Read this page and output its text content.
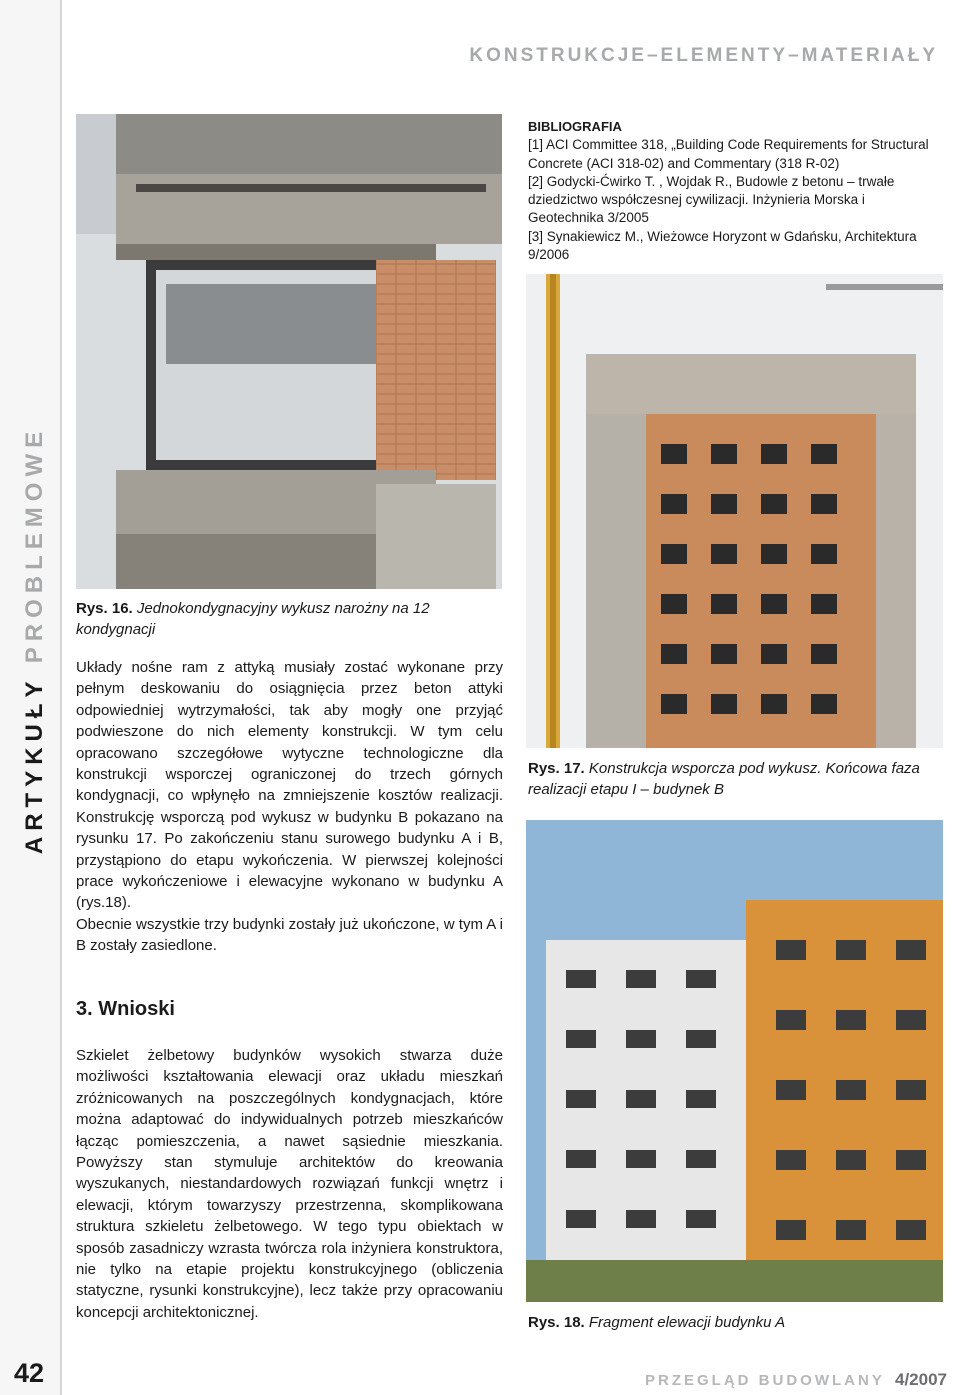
ARTYKUŁY PROBLEMOWE
42
KONSTRUKCJE–ELEMENTY–MATERIAŁY
Rys. 16. Jednokondygnacyjny wykusz narożny na 12 kondygnacji

Układy nośne ram z attyką musiały zostać wykonane przy pełnym deskowaniu do osiągnięcia przez beton attyki odpowiedniej wytrzymałości, tak aby mogły one przyjąć podwieszone do nich elementy konstrukcji. W tym celu opracowano szczegółowe wytyczne technologiczne dla konstrukcji wsporczej ograniczonej do trzech górnych kondygnacji, co wpłynęło na zmniejszenie kosztów realizacji. Konstrukcję wsporczą pod wykusz w budynku B pokazano na rysunku 17. Po zakończeniu stanu surowego budynku A i B, przystąpiono do etapu wykończenia. W pierwszej kolejności prace wykończeniowe i elewacyjne wykonano w budynku A (rys.18).

Obecnie wszystkie trzy budynki zostały już ukończone, w tym A i B zostały zasiedlone.

3. Wnioski

Szkielet żelbetowy budynków wysokich stwarza duże możliwości kształtowania elewacji oraz układu mieszkań zróżnicowanych na poszczególnych kondygnacjach, które można adaptować do indywidualnych potrzeb mieszkańców łącząc pomieszczenia, a nawet sąsiednie mieszkania. Powyższy stan stymuluje architektów do kreowania wyszukanych, niestandardowych rozwiązań funkcji wnętrz i elewacji, którym towarzyszy przestrzenna, skomplikowana struktura szkieletu żelbetowego. W tego typu obiektach w sposób zasadniczy wzrasta twórcza rola inżyniera konstruktora, nie tylko na etapie projektu konstrukcyjnego (obliczenia statyczne, rysunki konstrukcyjne), lecz także przy opracowaniu koncepcji architektonicznej.

BIBLIOGRAFIA

[1] ACI Committee 318, „Building Code Requirements for Structural Concrete (ACI 318-02) and Commentary (318 R-02)

[2] Godycki-Ćwirko T. , Wojdak R., Budowle z betonu – trwałe dziedzictwo współczesnej cywilizacji. Inżynieria Morska i Geotechnika 3/2005

[3] Synakiewicz M., Wieżowce Horyzont w Gdańsku, Architektura 9/2006

Rys. 17. Konstrukcja wsporcza pod wykusz. Końcowa faza realizacji etapu I – budynek B
Rys. 18. Fragment elewacji budynku A
PRZEGLĄD BUDOWLANY 4/2007
